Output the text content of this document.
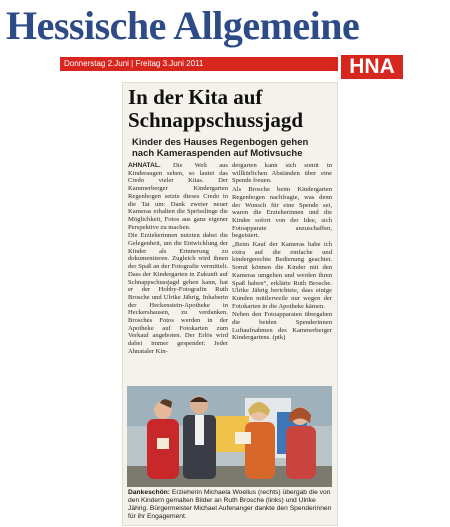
Hessische Allgemeine
Donnerstag 2.Juni | Freitag 3.Juni 2011	HNA
In der Kita auf Schnappschussjagd
Kinder des Hauses Regenbogen gehen nach Kameraspenden auf Motivsuche

AHNATAL. Die Welt aus Kinderaugen sehen, so lautet das Credo vieler Kitas. Der Kammerberger Kindergarten Regenbogen setzte dieses Credo in die Tat um: Dank zweier neuer Kameras erhalten die Sprösslinge die Möglichkeit, Fotos aus ganz eigener Perspektive zu machen.

Die Erzieherinnen nutzten dabei die Gelegenheit, um die Entwicklung der Kinder als Erinnerung zu dokumentieren. Zugleich wird ihnen der Spaß an der Fotografie vermittelt. Dass der Kindergarten in Zukunft auf Schnappschussjagd gehen kann, hat er der Hobby-Fotografin Ruth Brosche und Ulrike Jährig, Inhaberin der Heckenstein-Apotheke in Heckershausen, zu verdanken. Brosches Fotos werden in der Apotheke auf Fotokarten zum Verkauf angeboten. Der Erlös wird dabei immer gespendet: Jeder Ahnataler Kin-

dergarten kann sich somit in willkürlichen Abständen über eine Spende freuen.

Als Brosche beim Kindergarten Regenbogen nachfragte, was denn der Wunsch für eine Spende sei, waren die Erzieherinnen und die Kinder sofort von der Idee, sich Fotoapparate anzuschaffen, begeistert.

„Beim Kauf der Kameras habe ich extra auf die einfache und kindergerechte Bedienung geachtet. Somit können die Kinder mit den Kameras umgehen und werden ihren Spaß haben“, erklärte Ruth Brosche. Ulrike Jährig berichtete, dass einige Kunden mittlerweile nur wegen der Fotokarten in die Apotheke kämen.

Neben den Fotoapparaten übergaben die beiden Spenderinnen Luftaufnahmen des Kammerberger Kindergartens. (ptk)

Dankeschön: Erzieherin Michaela Woelius (rechts) übergab die von den Kindern gemalten Bilder an Ruth Brosche (links) und Ulrike Jährig. Bürgermeister Michael Aufenanger dankte den Spenderinnen für ihr Engagement.
